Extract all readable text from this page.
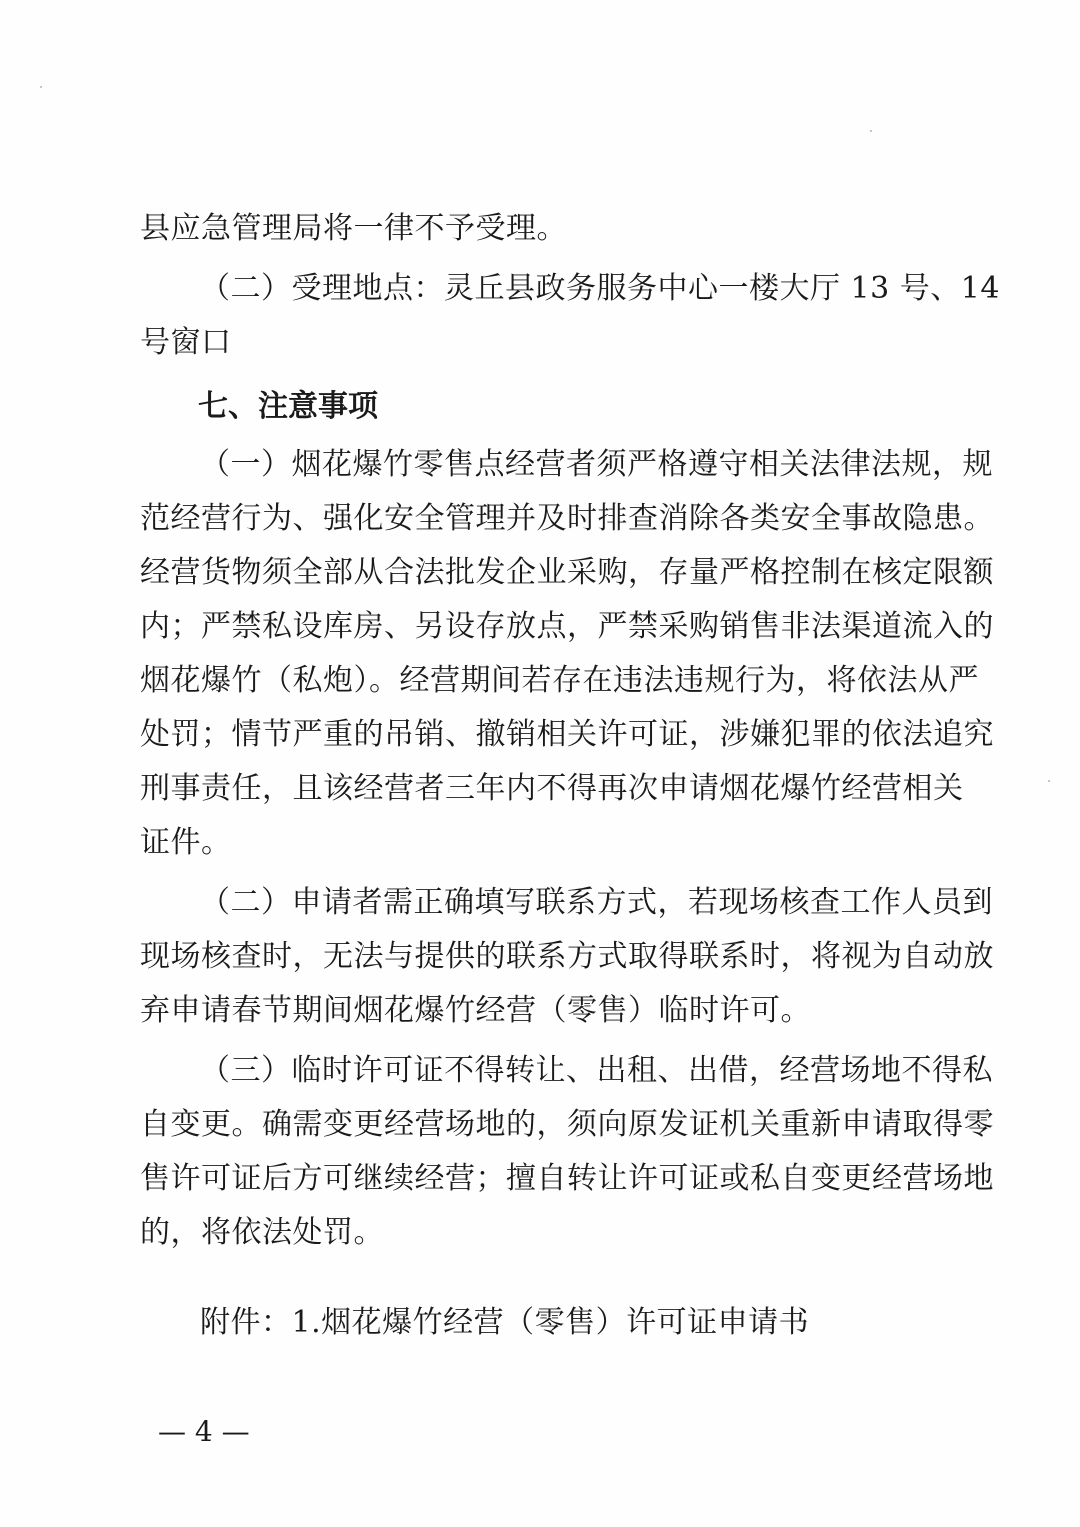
县应急管理局将一律不予受理。
（二）受理地点：灵丘县政务服务中心一楼大厅 13 号、14
号窗口
七、注意事项
（一）烟花爆竹零售点经营者须严格遵守相关法律法规，规
范经营行为、强化安全管理并及时排查消除各类安全事故隐患。
经营货物须全部从合法批发企业采购，存量严格控制在核定限额
内；严禁私设库房、另设存放点，严禁采购销售非法渠道流入的
烟花爆竹（私炮）。经营期间若存在违法违规行为，将依法从严
处罚；情节严重的吊销、撤销相关许可证，涉嫌犯罪的依法追究
刑事责任，且该经营者三年内不得再次申请烟花爆竹经营相关
证件。
（二）申请者需正确填写联系方式，若现场核查工作人员到
现场核查时，无法与提供的联系方式取得联系时，将视为自动放
弃申请春节期间烟花爆竹经营（零售）临时许可。
（三）临时许可证不得转让、出租、出借，经营场地不得私
自变更。确需变更经营场地的，须向原发证机关重新申请取得零
售许可证后方可继续经营；擅自转让许可证或私自变更经营场地
的，将依法处罚。
附件：1.烟花爆竹经营（零售）许可证申请书
— 4 —
